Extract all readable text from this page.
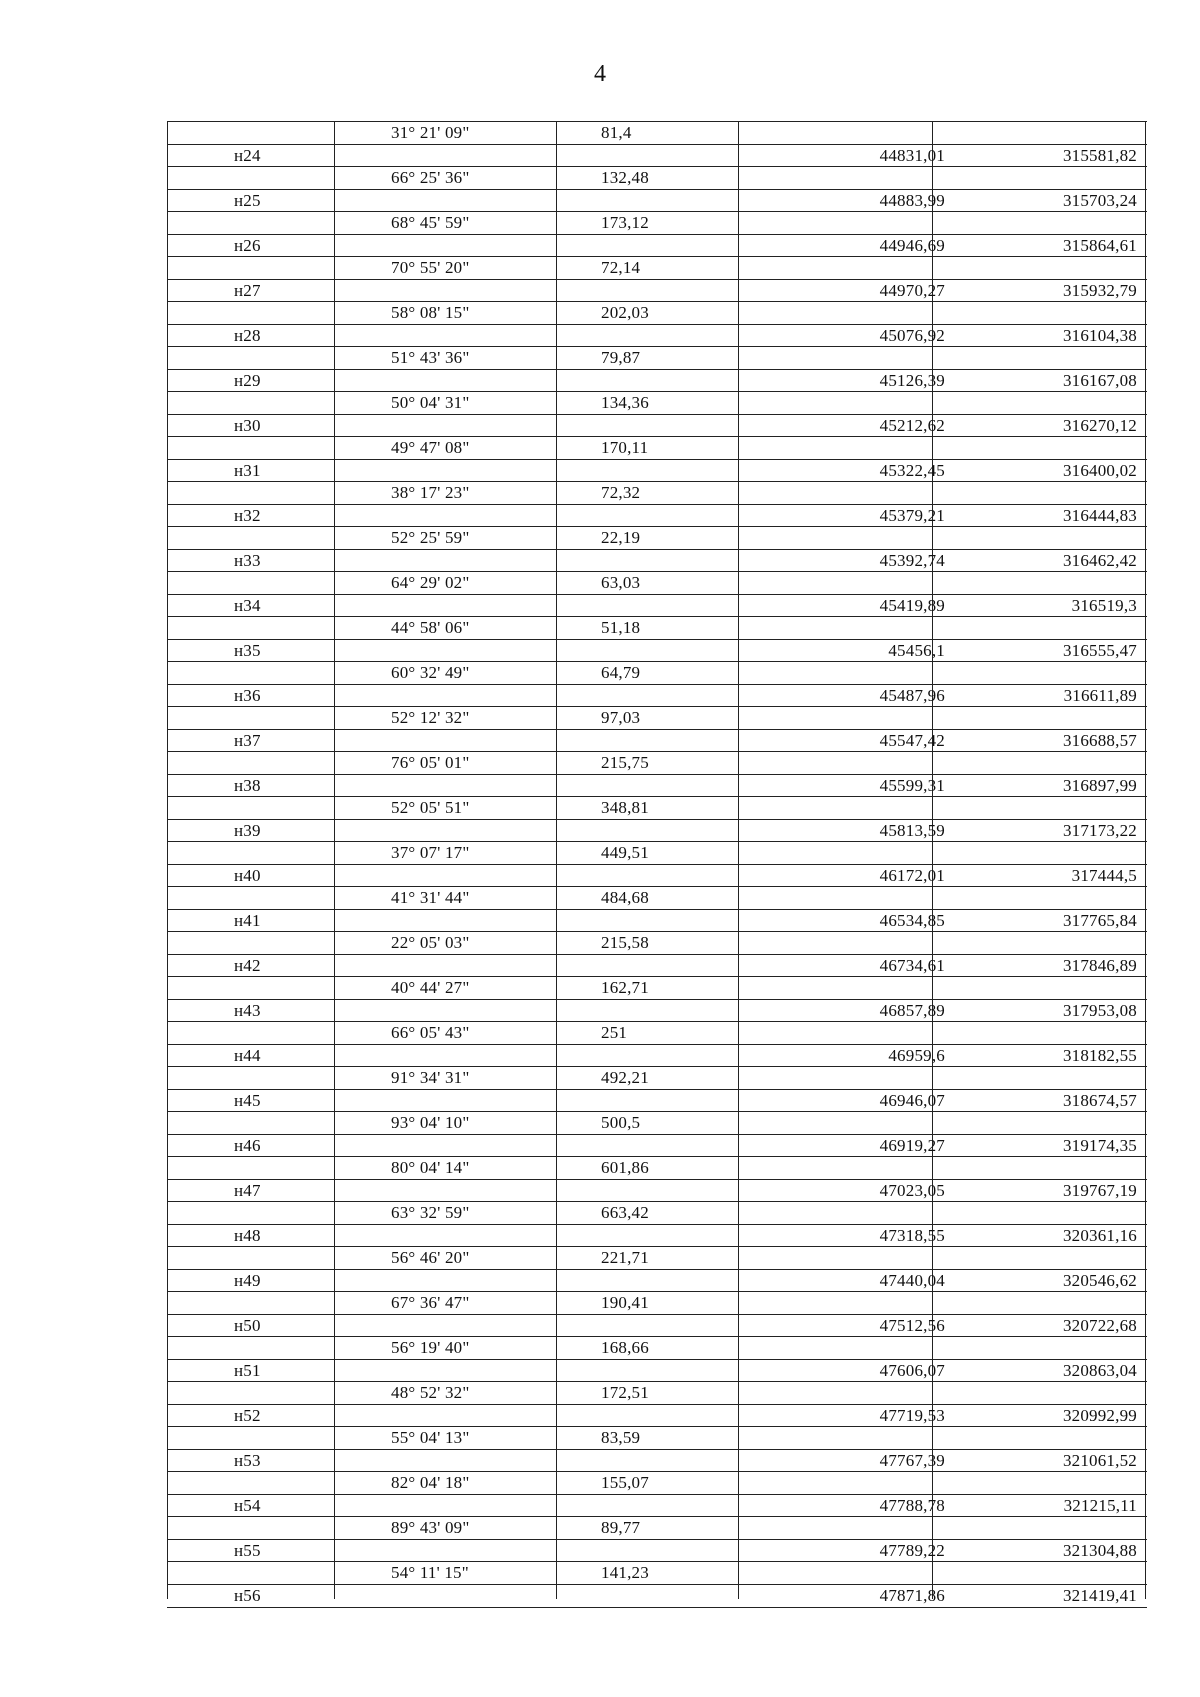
4
31° 21' 09"	81,4
н24	44831,01	315581,82
66° 25' 36"	132,48
н25	44883,99	315703,24
68° 45' 59"	173,12
н26	44946,69	315864,61
70° 55' 20"	72,14
н27	44970,27	315932,79
58° 08' 15"	202,03
н28	45076,92	316104,38
51° 43' 36"	79,87
н29	45126,39	316167,08
50° 04' 31"	134,36
н30	45212,62	316270,12
49° 47' 08"	170,11
н31	45322,45	316400,02
38° 17' 23"	72,32
н32	45379,21	316444,83
52° 25' 59"	22,19
н33	45392,74	316462,42
64° 29' 02"	63,03
н34	45419,89	316519,3
44° 58' 06"	51,18
н35	45456,1	316555,47
60° 32' 49"	64,79
н36	45487,96	316611,89
52° 12' 32"	97,03
н37	45547,42	316688,57
76° 05' 01"	215,75
н38	45599,31	316897,99
52° 05' 51"	348,81
н39	45813,59	317173,22
37° 07' 17"	449,51
н40	46172,01	317444,5
41° 31' 44"	484,68
н41	46534,85	317765,84
22° 05' 03"	215,58
н42	46734,61	317846,89
40° 44' 27"	162,71
н43	46857,89	317953,08
66° 05' 43"	251
н44	46959,6	318182,55
91° 34' 31"	492,21
н45	46946,07	318674,57
93° 04' 10"	500,5
н46	46919,27	319174,35
80° 04' 14"	601,86
н47	47023,05	319767,19
63° 32' 59"	663,42
н48	47318,55	320361,16
56° 46' 20"	221,71
н49	47440,04	320546,62
67° 36' 47"	190,41
н50	47512,56	320722,68
56° 19' 40"	168,66
н51	47606,07	320863,04
48° 52' 32"	172,51
н52	47719,53	320992,99
55° 04' 13"	83,59
н53	47767,39	321061,52
82° 04' 18"	155,07
н54	47788,78	321215,11
89° 43' 09"	89,77
н55	47789,22	321304,88
54° 11' 15"	141,23
н56	47871,86	321419,41
